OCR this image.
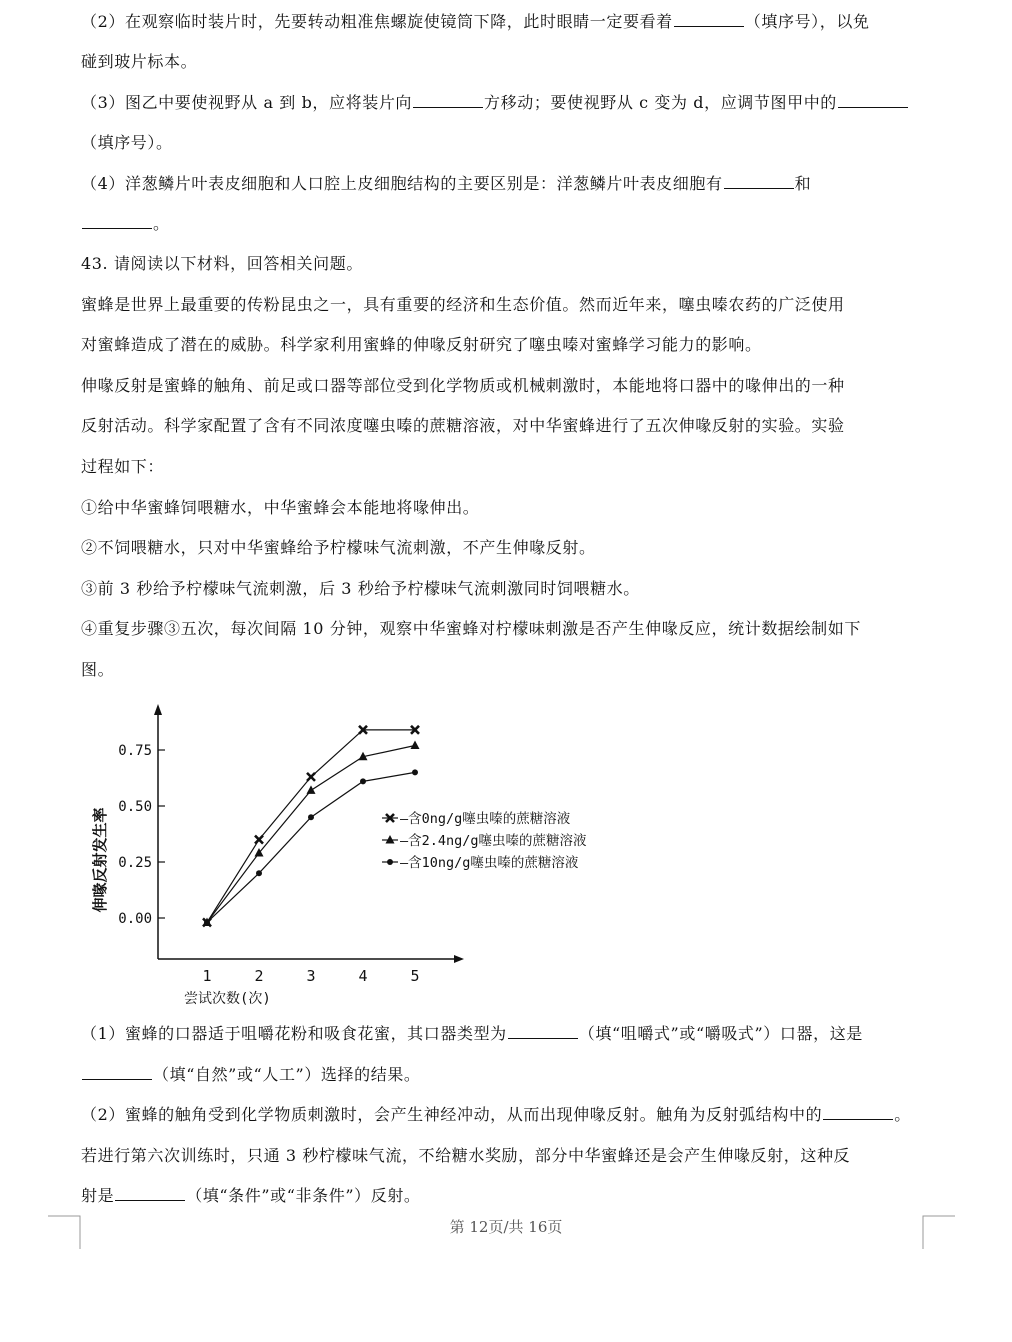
（2）在观察临时装片时，先要转动粗准焦螺旋使镜筒下降，此时眼睛一定要看着	（填序号），以免
碰到玻片标本。
（3）图乙中要使视野从 a 到 b，应将装片向	方移动；要使视野从 c 变为 d，应调节图甲中的
（填序号）。
（4）洋葱鳞片叶表皮细胞和人口腔上皮细胞结构的主要区别是：洋葱鳞片叶表皮细胞有	和
。
43. 请阅读以下材料，回答相关问题。
蜜蜂是世界上最重要的传粉昆虫之一，具有重要的经济和生态价值。然而近年来，噻虫嗪农药的广泛使用
对蜜蜂造成了潜在的威胁。科学家利用蜜蜂的伸喙反射研究了噻虫嗪对蜜蜂学习能力的影响。
伸喙反射是蜜蜂的触角、前足或口器等部位受到化学物质或机械刺激时，本能地将口器中的喙伸出的一种
反射活动。科学家配置了含有不同浓度噻虫嗪的蔗糖溶液，对中华蜜蜂进行了五次伸喙反射的实验。实验
过程如下：
①给中华蜜蜂饲喂糖水，中华蜜蜂会本能地将喙伸出。
②不饲喂糖水，只对中华蜜蜂给予柠檬味气流刺激，不产生伸喙反射。
③前 3 秒给予柠檬味气流刺激，后 3 秒给予柠檬味气流刺激同时饲喂糖水。
④重复步骤③五次，每次间隔 10 分钟，观察中华蜜蜂对柠檬味刺激是否产生伸喙反应，统计数据绘制如下
图。
（1）蜜蜂的口器适于咀嚼花粉和吸食花蜜，其口器类型为	（填“咀嚼式”或“嚼吸式”）口器，这是
（填“自然”或“人工”）选择的结果。
（2）蜜蜂的触角受到化学物质刺激时，会产生神经冲动，从而出现伸喙反射。触角为反射弧结构中的	。
若进行第六次训练时，只通 3 秒柠檬味气流，不给糖水奖励，部分中华蜜蜂还是会产生伸喙反射，这种反
射是	（填“条件”或“非条件”）反射。
0.00
0.25
0.50
0.75
1	2	3	4	5
—含0ng/g噻虫嗪的蔗糖溶液
—含2.4ng/g噻虫嗪的蔗糖溶液
—含10ng/g噻虫嗪的蔗糖溶液
尝试次数(次)
伸喙反射发生率
第 12页/共 16页
